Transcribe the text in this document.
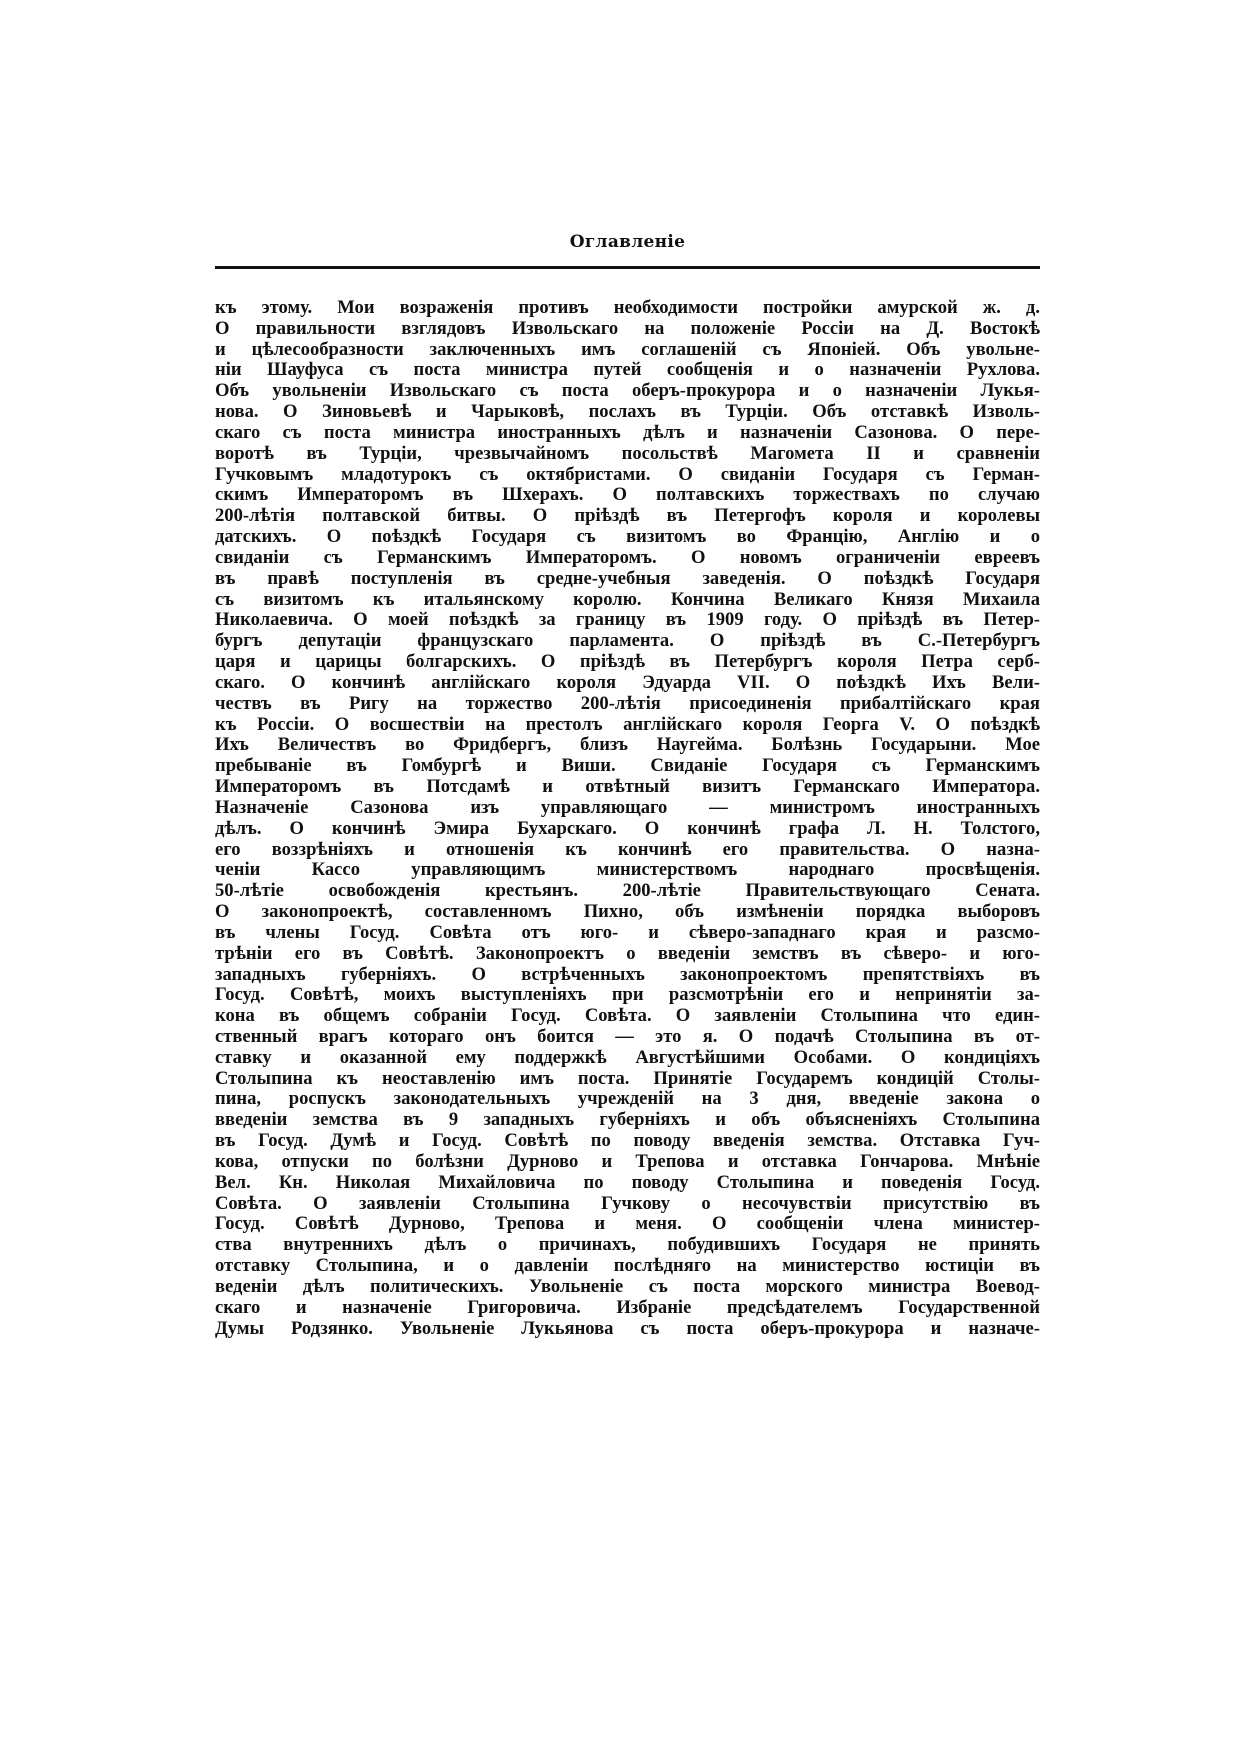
Оглавленіе
къ этому. Мои возраженія противъ необходимости постройки амурской ж. д.
О правильности взглядовъ Извольскаго на положеніе Россіи на Д. Востокѣ
и цѣлесообразности заключенныхъ имъ соглашеній съ Японіей. Объ увольне-
ніи Шауфуса съ поста министра путей сообщенія и о назначеніи Рухлова.
Объ увольненіи Извольскаго съ поста оберъ-прокурора и о назначеніи Лукья-
нова. О Зиновьевѣ и Чарыковѣ, послахъ въ Турціи. Объ отставкѣ Изволь-
скаго съ поста министра иностранныхъ дѣлъ и назначеніи Сазонова. О пере-
воротѣ въ Турціи, чрезвычайномъ посольствѣ Магомета II и сравненіи
Гучковымъ младотурокъ съ октябристами. О свиданіи Государя съ Герман-
скимъ Императоромъ въ Шхерахъ. О полтавскихъ торжествахъ по случаю
200-лѣтія полтавской битвы. О пріѣздѣ въ Петергофъ короля и королевы
датскихъ. О поѣздкѣ Государя съ визитомъ во Францію, Англію и о
свиданіи съ Германскимъ Императоромъ. О новомъ ограниченіи евреевъ
въ правѣ поступленія въ средне-учебныя заведенія. О поѣздкѣ Государя
съ визитомъ къ итальянскому королю. Кончина Великаго Князя Михаила
Николаевича. О моей поѣздкѣ за границу въ 1909 году. О пріѣздѣ въ Петер-
бургъ депутаціи французскаго парламента. О пріѣздѣ въ С.-Петербургъ
царя и царицы болгарскихъ. О пріѣздѣ въ Петербургъ короля Петра серб-
скаго. О кончинѣ англійскаго короля Эдуарда VII. О поѣздкѣ Ихъ Вели-
чествъ въ Ригу на торжество 200-лѣтія присоединенія прибалтійскаго края
къ Россіи. О восшествіи на престолъ англійскаго короля Георга V. О поѣздкѣ
Ихъ Величествъ во Фридбергъ, близъ Наугейма. Болѣзнь Государыни. Мое
пребываніе въ Гомбургѣ и Виши. Свиданіе Государя съ Германскимъ
Императоромъ въ Потсдамѣ и отвѣтный визитъ Германскаго Императора.
Назначеніе Сазонова изъ управляющаго — министромъ иностранныхъ
дѣлъ. О кончинѣ Эмира Бухарскаго. О кончинѣ графа Л. Н. Толстого,
его воззрѣніяхъ и отношенія къ кончинѣ его правительства. О назна-
ченіи Кассо управляющимъ министерствомъ народнаго просвѣщенія.
50-лѣтіе освобожденія крестьянъ. 200-лѣтіе Правительствующаго Сената.
О законопроектѣ, составленномъ Пихно, объ измѣненіи порядка выборовъ
въ члены Госуд. Совѣта отъ юго- и сѣверо-западнаго края и разсмо-
трѣніи его въ Совѣтѣ. Законопроектъ о введеніи земствъ въ сѣверо- и юго-
западныхъ губерніяхъ. О встрѣченныхъ законопроектомъ препятствіяхъ въ
Госуд. Совѣтѣ, моихъ выступленіяхъ при разсмотрѣніи его и непринятіи за-
кона въ общемъ собраніи Госуд. Совѣта. О заявленіи Столыпина что един-
ственный врагъ котораго онъ боится — это я. О подачѣ Столыпина въ от-
ставку и оказанной ему поддержкѣ Августѣйшими Особами. О кондиціяхъ
Столыпина къ неоставленію имъ поста. Принятіе Государемъ кондицій Столы-
пина, роспускъ законодательныхъ учрежденій на 3 дня, введеніе закона о
введеніи земства въ 9 западныхъ губерніяхъ и объ объясненіяхъ Столыпина
въ Госуд. Думѣ и Госуд. Совѣтѣ по поводу введенія земства. Отставка Гуч-
кова, отпуски по болѣзни Дурново и Трепова и отставка Гончарова. Мнѣніе
Вел. Кн. Николая Михайловича по поводу Столыпина и поведенія Госуд.
Совѣта. О заявленіи Столыпина Гучкову о несочувствіи присутствію въ
Госуд. Совѣтѣ Дурново, Трепова и меня. О сообщеніи члена министер-
ства внутреннихъ дѣлъ о причинахъ, побудившихъ Государя не принять
отставку Столыпина, и о давленіи послѣдняго на министерство юстиціи въ
веденіи дѣлъ политическихъ. Увольненіе съ поста морского министра Воевод-
скаго и назначеніе Григоровича. Избраніе предсѣдателемъ Государственной
Думы Родзянко. Увольненіе Лукьянова съ поста оберъ-прокурора и назначе-
